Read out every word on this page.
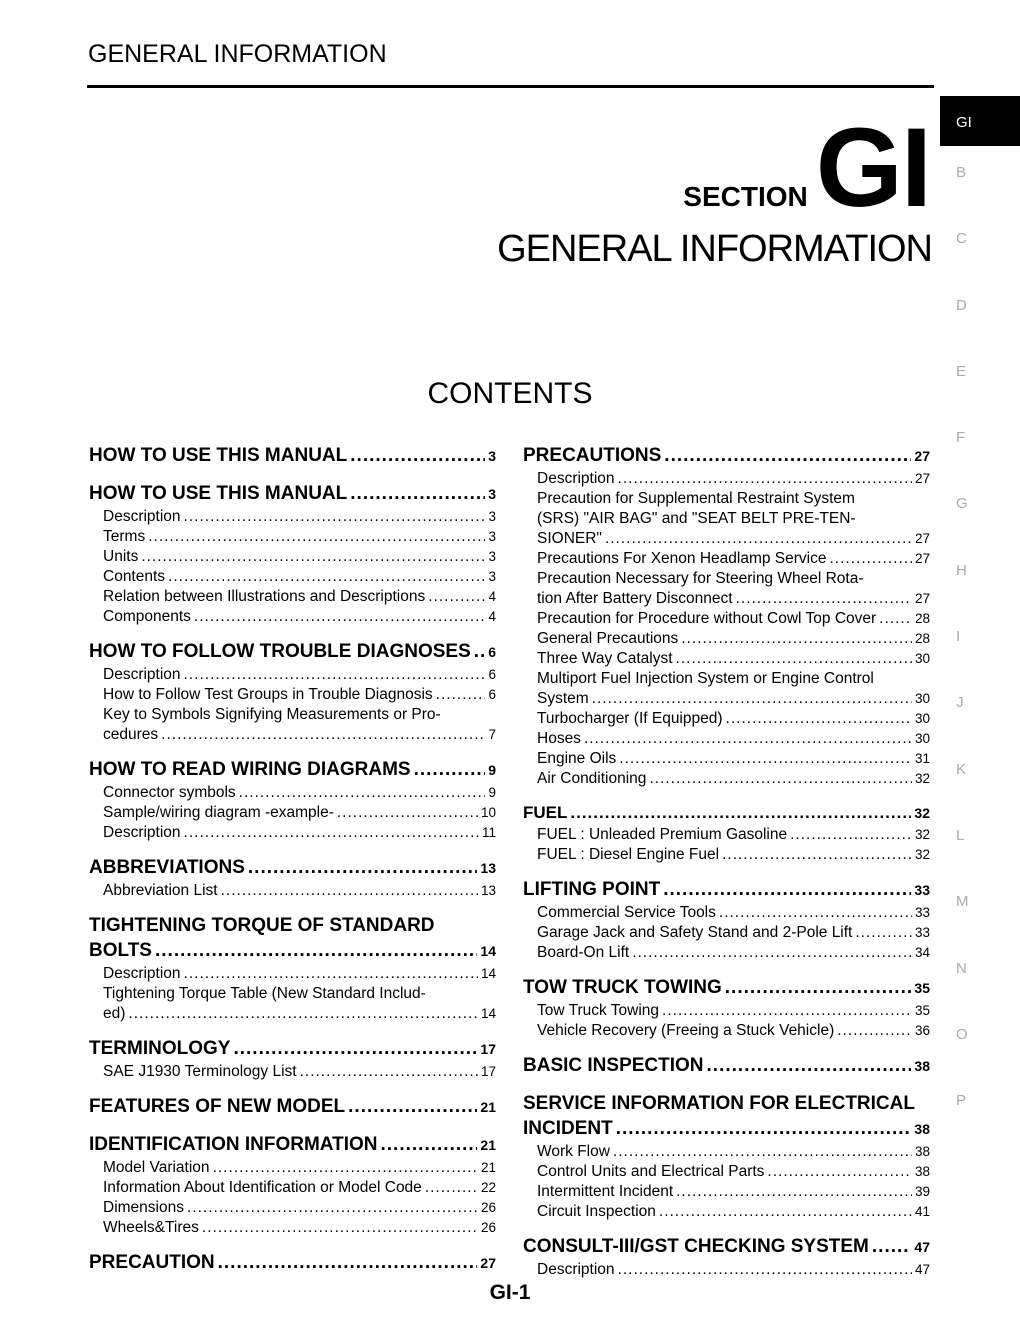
GENERAL INFORMATION
GI
B
C
D
E
F
G
H
I
J
K
L
M
N
O
P
SECTION GI
GENERAL INFORMATION
CONTENTS
HOW TO USE THIS MANUAL .....	3
HOW TO USE THIS MANUAL .....	3
Description .....	3
Terms .....	3
Units .....	3
Contents .....	3
Relation between Illustrations and Descriptions .....	4
Components .....	4
HOW TO FOLLOW TROUBLE DIAGNOSES ..... 6
Description .....	6
How to Follow Test Groups in Trouble Diagnosis .....	6
Key to Symbols Signifying Measurements or Pro-
cedures .....	7
HOW TO READ WIRING DIAGRAMS .....	9
Connector symbols .....	9
Sample/wiring diagram -example- .....	10
Description .....	11
ABBREVIATIONS .....	13
Abbreviation List .....	13
TIGHTENING TORQUE OF STANDARD
BOLTS .....	14
Description .....	14
Tightening Torque Table (New Standard Includ-
ed) .....	14
TERMINOLOGY .....	17
SAE J1930 Terminology List .....	17
FEATURES OF NEW MODEL .....	21
IDENTIFICATION INFORMATION .....	21
Model Variation .....	21
Information About Identification or Model Code .....	22
Dimensions .....	26
Wheels&Tires .....	26
PRECAUTION .....	27
PRECAUTIONS .....	27
Description .....	27
Precaution for Supplemental Restraint System
(SRS) "AIR BAG" and "SEAT BELT PRE-TEN-
SIONER" .....	27
Precautions For Xenon Headlamp Service .....	27
Precaution Necessary for Steering Wheel Rota-
tion After Battery Disconnect .....	27
Precaution for Procedure without Cowl Top Cover .....	28
General Precautions .....	28
Three Way Catalyst .....	30
Multiport Fuel Injection System or Engine Control
System .....	30
Turbocharger (If Equipped) .....	30
Hoses .....	30
Engine Oils .....	31
Air Conditioning .....	32
FUEL .....	32
FUEL : Unleaded Premium Gasoline .....	32
FUEL : Diesel Engine Fuel .....	32
LIFTING POINT .....	33
Commercial Service Tools .....	33
Garage Jack and Safety Stand and 2-Pole Lift .....	33
Board-On Lift .....	34
TOW TRUCK TOWING .....	35
Tow Truck Towing .....	35
Vehicle Recovery (Freeing a Stuck Vehicle) .....	36
BASIC INSPECTION .....	38
SERVICE INFORMATION FOR ELECTRICAL
INCIDENT .....	38
Work Flow .....	38
Control Units and Electrical Parts .....	38
Intermittent Incident .....	39
Circuit Inspection .....	41
CONSULT-III/GST CHECKING SYSTEM .....	47
Description .....	47
GI-1
